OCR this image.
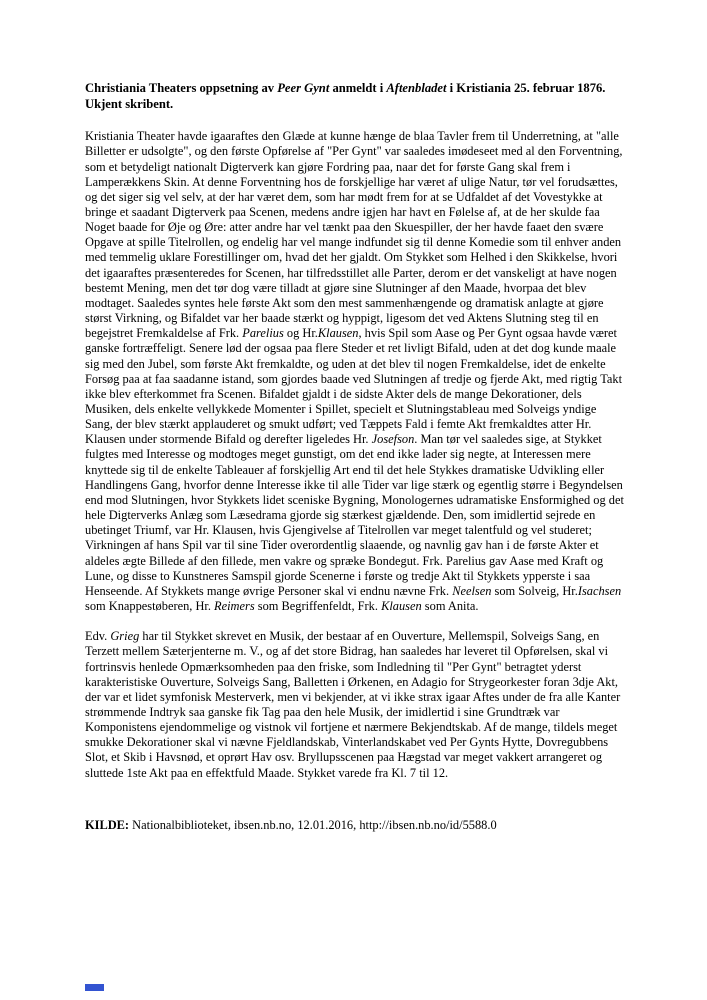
Christiania Theaters oppsetning av Peer Gynt anmeldt i Aftenbladet i Kristiania 25. februar 1876. Ukjent skribent.

Kristiania Theater havde igaaraftes den Glæde at kunne hænge de blaa Tavler frem til Underretning, at "alle Billetter er udsolgte", og den første Opførelse af "Per Gynt" var saaledes imødeseet med al den Forventning, som et betydeligt nationalt Digterverk kan gjøre Fordring paa, naar det for første Gang skal frem i Lamperækkens Skin. At denne Forventning hos de forskjellige har været af ulige Natur, tør vel forudsættes, og det siger sig vel selv, at der har været dem, som har mødt frem for at se Udfaldet af det Vovestykke at bringe et saadant Digterverk paa Scenen, medens andre igjen har havt en Følelse af, at de her skulde faa Noget baade for Øje og Øre: atter andre har vel tænkt paa den Skuespiller, der her havde faaet den svære Opgave at spille Titelrollen, og endelig har vel mange indfundet sig til denne Komedie som til enhver anden med temmelig uklare Forestillinger om, hvad det her gjaldt. Om Stykket som Helhed i den Skikkelse, hvori det igaaraftes præsenteredes for Scenen, har tilfredsstillet alle Parter, derom er det vanskeligt at have nogen bestemt Mening, men det tør dog være tilladt at gjøre sine Slutninger af den Maade, hvorpaa det blev modtaget. Saaledes syntes hele første Akt som den mest sammenhængende og dramatisk anlagte at gjøre størst Virkning, og Bifaldet var her baade stærkt og hyppigt, ligesom det ved Aktens Slutning steg til en begejstret Fremkaldelse af Frk. Parelius og Hr.Klausen, hvis Spil som Aase og Per Gynt ogsaa havde været ganske fortræffeligt. Senere lød der ogsaa paa flere Steder et ret livligt Bifald, uden at det dog kunde maale sig med den Jubel, som første Akt fremkaldte, og uden at det blev til nogen Fremkaldelse, idet de enkelte Forsøg paa at faa saadanne istand, som gjordes baade ved Slutningen af tredje og fjerde Akt, med rigtig Takt ikke blev efterkommet fra Scenen. Bifaldet gjaldt i de sidste Akter dels de mange Dekorationer, dels Musiken, dels enkelte vellykkede Momenter i Spillet, specielt et Slutningstableau med Solveigs yndige Sang, der blev stærkt applauderet og smukt udført; ved Tæppets Fald i femte Akt fremkaldtes atter Hr. Klausen under stormende Bifald og derefter ligeledes Hr. Josefson. Man tør vel saaledes sige, at Stykket fulgtes med Interesse og modtoges meget gunstigt, om det end ikke lader sig negte, at Interessen mere knyttede sig til de enkelte Tableauer af forskjellig Art end til det hele Stykkes dramatiske Udvikling eller Handlingens Gang, hvorfor denne Interesse ikke til alle Tider var lige stærk og egentlig større i Begyndelsen end mod Slutningen, hvor Stykkets lidet sceniske Bygning, Monologernes udramatiske Ensformighed og det hele Digterverks Anlæg som Læsedrama gjorde sig stærkest gjældende. Den, som imidlertid sejrede en ubetinget Triumf, var Hr. Klausen, hvis Gjengivelse af Titelrollen var meget talentfuld og vel studeret; Virkningen af hans Spil var til sine Tider overordentlig slaaende, og navnlig gav han i de første Akter et aldeles ægte Billede af den fillede, men vakre og spræke Bondegut. Frk. Parelius gav Aase med Kraft og Lune, og disse to Kunstneres Samspil gjorde Scenerne i første og tredje Akt til Stykkets ypperste i saa Henseende. Af Stykkets mange øvrige Personer skal vi endnu nævne Frk. Neelsen som Solveig, Hr.Isachsen som Knappestøberen, Hr. Reimers som Begriffenfeldt, Frk. Klausen som Anita.

Edv. Grieg har til Stykket skrevet en Musik, der bestaar af en Ouverture, Mellemspil, Solveigs Sang, en Terzett mellem Sæterjenterne m. V., og af det store Bidrag, han saaledes har leveret til Opførelsen, skal vi fortrinsvis henlede Opmærksomheden paa den friske, som Indledning til "Per Gynt" betragtet yderst karakteristiske Ouverture, Solveigs Sang, Balletten i Ørkenen, en Adagio for Strygeorkester foran 3dje Akt, der var et lidet symfonisk Mesterverk, men vi bekjender, at vi ikke strax igaar Aftes under de fra alle Kanter strømmende Indtryk saa ganske fik Tag paa den hele Musik, der imidlertid i sine Grundtræk var Komponistens ejendommelige og vistnok vil fortjene et nærmere Bekjendtskab. Af de mange, tildels meget smukke Dekorationer skal vi nævne Fjeldlandskab, Vinterlandskabet ved Per Gynts Hytte, Dovregubbens Slot, et Skib i Havsnød, et oprørt Hav osv. Bryllupsscenen paa Hægstad var meget vakkert arrangeret og sluttede 1ste Akt paa en effektfuld Maade. Stykket varede fra Kl. 7 til 12.

KILDE: Nationalbiblioteket, ibsen.nb.no, 12.01.2016, http://ibsen.nb.no/id/5588.0
